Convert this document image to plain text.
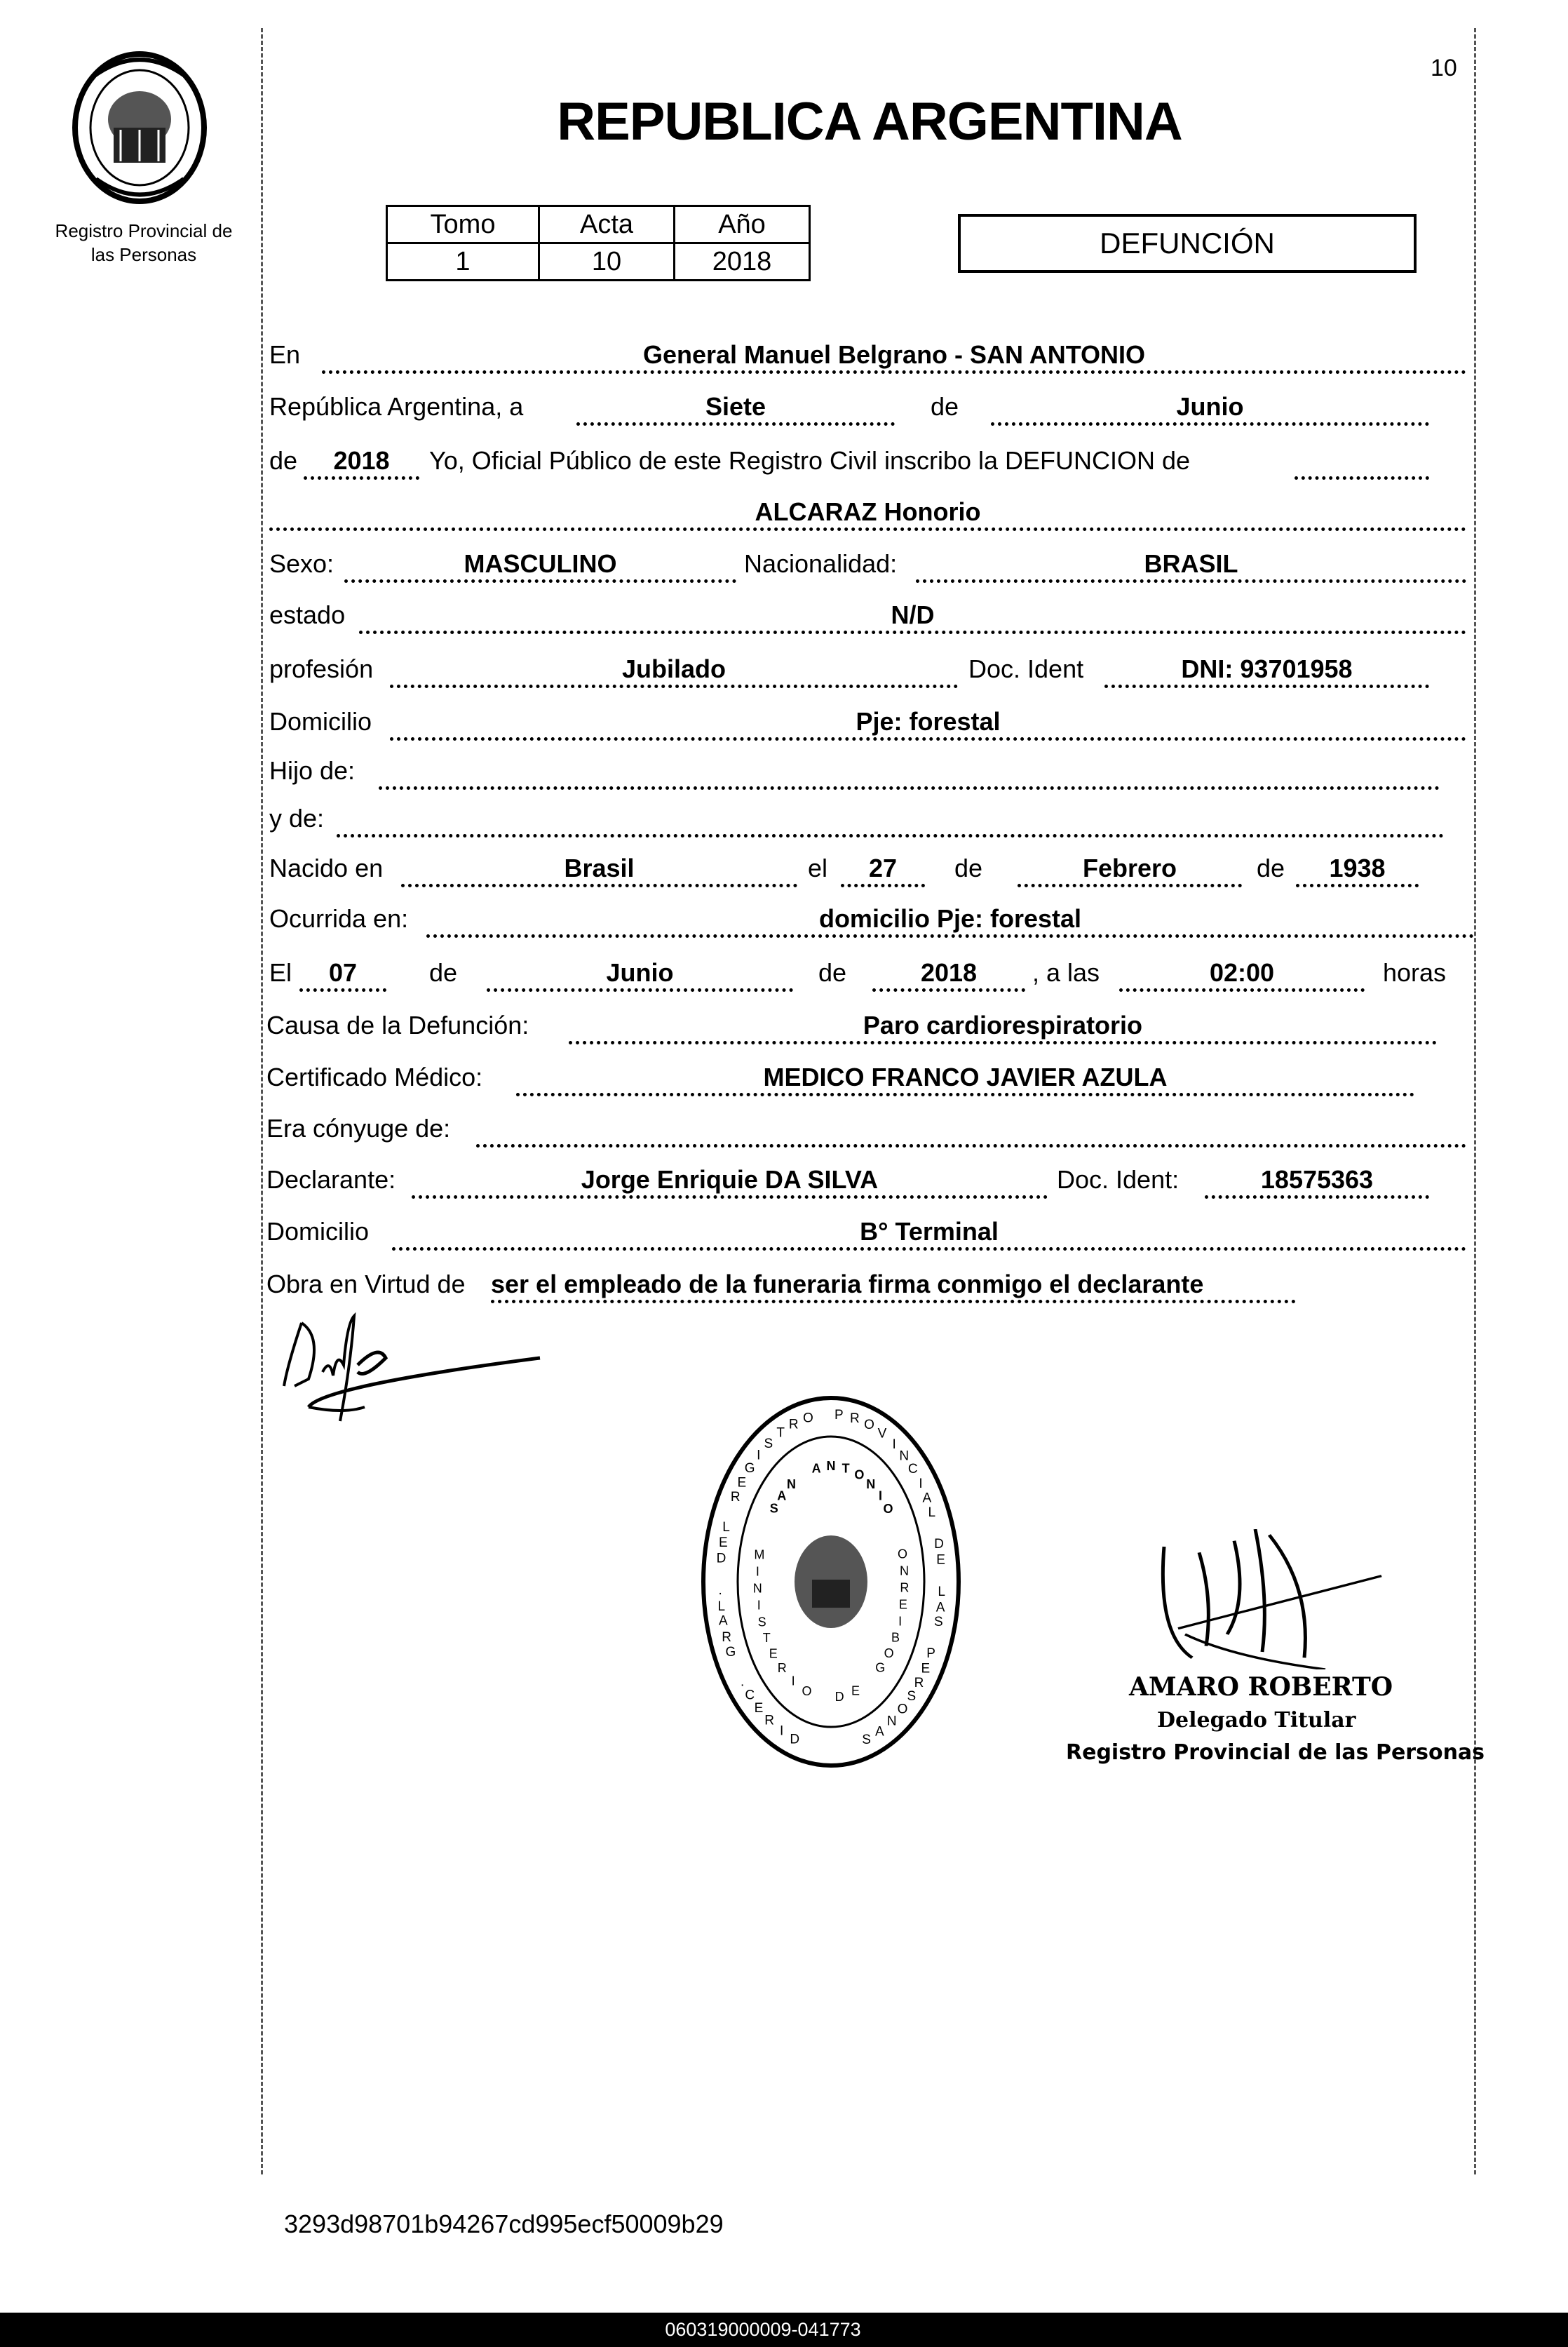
Registro Provincial de
las Personas
REPUBLICA ARGENTINA
10
Tomo	Acta	Año
1	10	2018
DEFUNCIÓN
En	General Manuel Belgrano - SAN ANTONIO
República Argentina, a	Siete	de	Junio
de	2018	Yo, Oficial Público de este Registro Civil inscribo la DEFUNCION de
ALCARAZ Honorio
Sexo:	MASCULINO	Nacionalidad:	BRASIL
estado	N/D
profesión	Jubilado	Doc. Ident	DNI: 93701958
Domicilio	Pje: forestal
Hijo de:
y de:
Nacido en	Brasil	el	27	de	Febrero	de	1938
Ocurrida en:	domicilio Pje: forestal
El	07	de	Junio	de	2018	, a las	02:00	horas
Causa de la Defunción:	Paro cardiorespiratorio
Certificado Médico:	MEDICO FRANCO JAVIER AZULA
Era cónyuge de:
Declarante:	Jorge Enriquie DA SILVA	Doc. Ident:	18575363
Domicilio	B° Terminal
Obra en Virtud de ser el empleado de la funeraria firma conmigo el declarante
D
I
R
E
C
.
G
R
A
L
.
D
E
L
R
E
G
I
S
T
R O P R O
V
I
N
C
I
A
L
D
E
L
A
S
P
E
R
S
O
N
A
S
S
A
N
A N T O
N
I
O
M
I
N
I
S
T
E
R
I
O D E
G
O
B
I
E
R
N
O
AMARO ROBERTO
Delegado Titular
Registro Provincial de las Personas
3293d98701b94267cd995ecf50009b29
060319000009-041773
